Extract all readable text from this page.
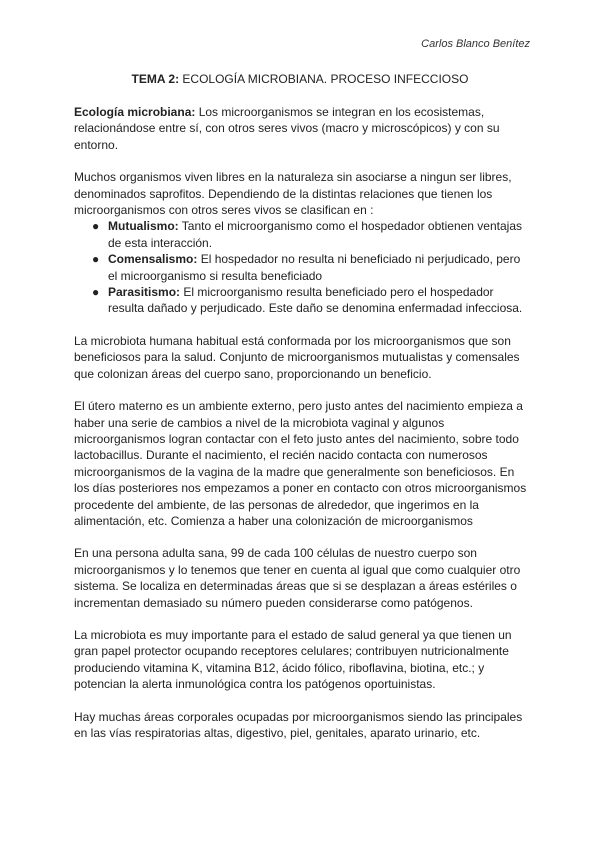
Carlos Blanco Benítez
TEMA 2: ECOLOGÍA MICROBIANA. PROCESO INFECCIOSO

Ecología microbiana: Los microorganismos se integran en los ecosistemas, relacionándose entre sí, con otros seres vivos (macro y microscópicos) y con su entorno.

Muchos organismos viven libres en la naturaleza sin asociarse a ningun ser libres, denominados saprofitos. Dependiendo de la distintas relaciones que tienen los microorganismos con otros seres vivos se clasifican en :

● Mutualismo: Tanto el microorganismo como el hospedador obtienen ventajas de esta interacción.
● Comensalismo: El hospedador no resulta ni beneficiado ni perjudicado, pero el microorganismo si resulta beneficiado
● Parasitismo: El microorganismo resulta beneficiado pero el hospedador resulta dañado y perjudicado. Este daño se denomina enfermadad infecciosa.

La microbiota humana habitual está conformada por los microorganismos que son beneficiosos para la salud. Conjunto de microorganismos mutualistas y comensales que colonizan áreas del cuerpo sano, proporcionando un beneficio.

El útero materno es un ambiente externo, pero justo antes del nacimiento empieza a haber una serie de cambios a nivel de la microbiota vaginal y algunos microorganismos logran contactar con el feto justo antes del nacimiento, sobre todo lactobacillus. Durante el nacimiento, el recién nacido contacta con numerosos microorganismos de la vagina de la madre que generalmente son beneficiosos. En los días posteriores nos empezamos a poner en contacto con otros microorganismos procedente del ambiente, de las personas de alrededor, que ingerimos en la alimentación, etc. Comienza a haber una colonización de microorganismos

En una persona adulta sana, 99 de cada 100 células de nuestro cuerpo son microorganismos y lo tenemos que tener en cuenta al igual que como cualquier otro sistema. Se localiza en determinadas áreas que si se desplazan a áreas estériles o incrementan demasiado su número pueden considerarse como patógenos.

La microbiota es muy importante para el estado de salud general ya que tienen un gran papel protector ocupando receptores celulares; contribuyen nutricionalmente produciendo vitamina K, vitamina B12, ácido fólico, riboflavina, biotina, etc.; y potencian la alerta inmunológica contra los patógenos oportuinistas.

Hay muchas áreas corporales ocupadas por microorganismos siendo las principales en las vías respiratorias altas, digestivo, piel, genitales, aparato urinario, etc.
